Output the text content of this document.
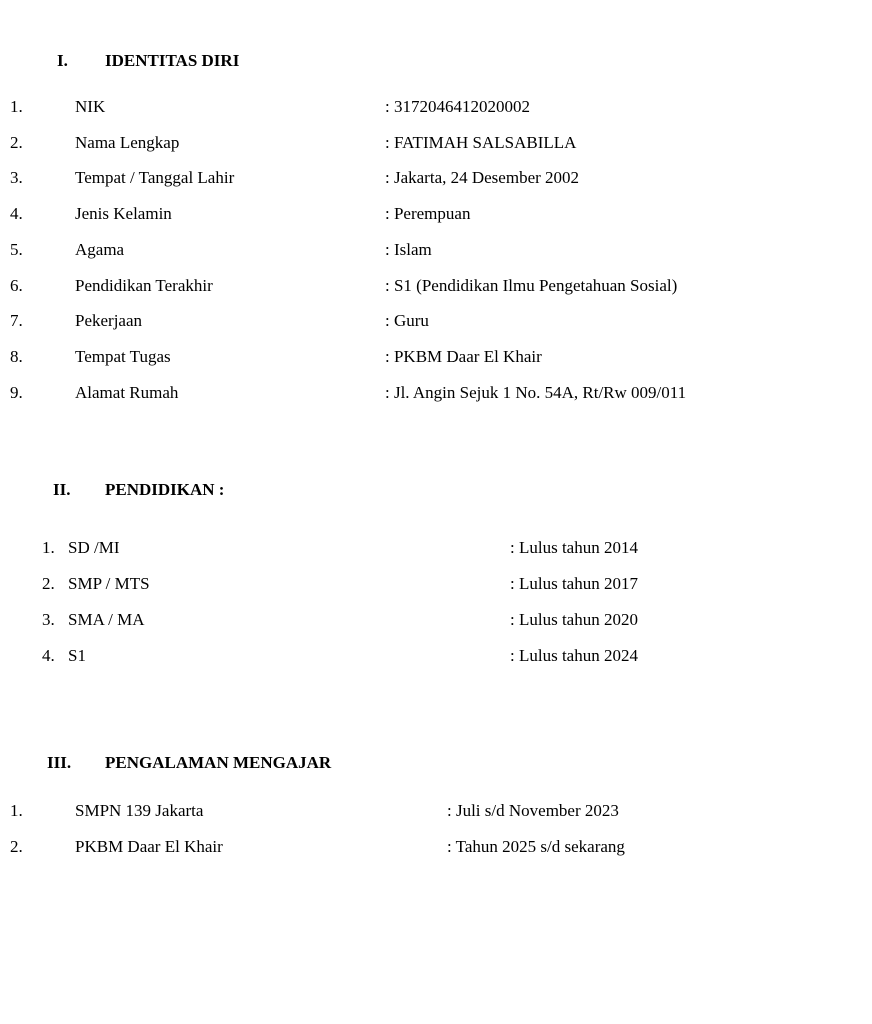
I.	IDENTITAS DIRI
1.	NIK	: 3172046412020002
2.	Nama Lengkap	: FATIMAH SALSABILLA
3.	Tempat / Tanggal Lahir	: Jakarta, 24 Desember 2002
4.	Jenis Kelamin	: Perempuan
5.	Agama	: Islam
6.	Pendidikan Terakhir	: S1 (Pendidikan Ilmu Pengetahuan Sosial)
7.	Pekerjaan	: Guru
8.	Tempat Tugas	: PKBM Daar El Khair
9.	Alamat Rumah	: Jl. Angin Sejuk 1 No. 54A, Rt/Rw 009/011
II.	PENDIDIKAN :
1. SD /MI	: Lulus tahun 2014
2. SMP / MTS	: Lulus tahun 2017
3. SMA / MA	: Lulus tahun 2020
4. S1	: Lulus tahun 2024
III.	PENGALAMAN MENGAJAR
1.	SMPN 139 Jakarta	: Juli s/d November 2023
2.	PKBM Daar El Khair	: Tahun 2025 s/d sekarang
